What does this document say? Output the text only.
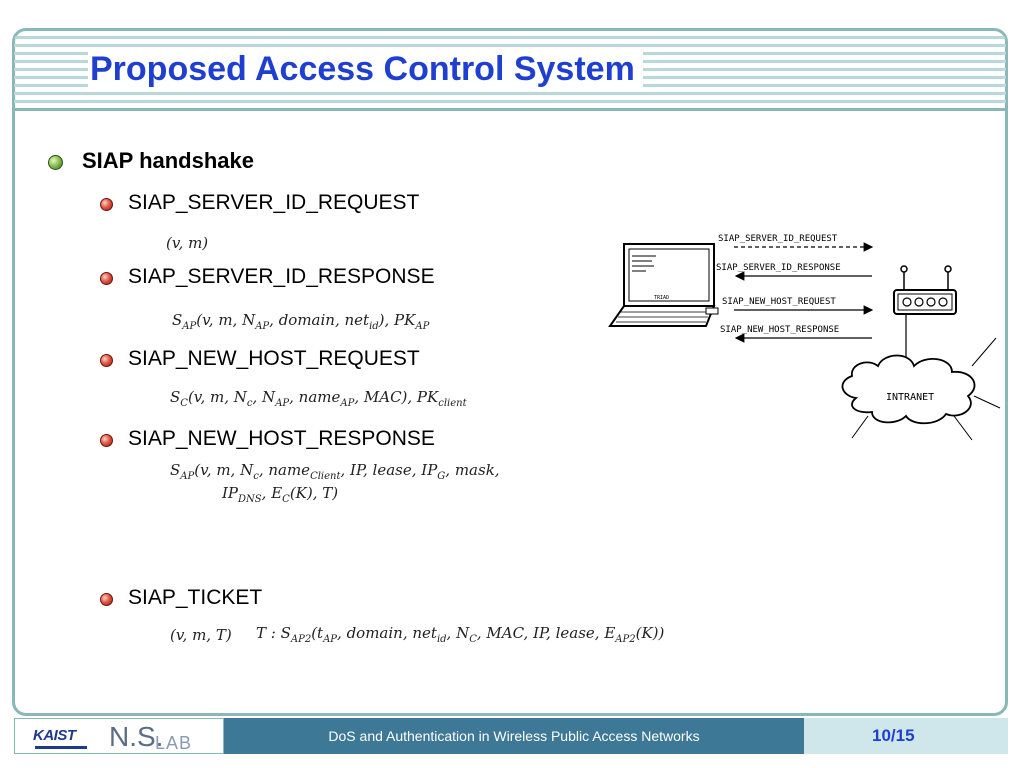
Proposed Access Control System
SIAP handshake
SIAP_SERVER_ID_REQUEST
(v, m)
SIAP_SERVER_ID_RESPONSE
$S_{AP}(v$, m, $N_{AP}$, domain, net$_{id}$), $PK_{AP}$
SIAP_NEW_HOST_REQUEST
$S_C(v$, m, $N_c$, $N_{AP}$, name$_{AP}$, MAC), $PK_{client}$
SIAP_NEW_HOST_RESPONSE
$S_{AP}(v$, m, $N_c$, name$_{Client}$, IP, lease, $IP_G$, mask,
$IP_{DNS}$, $E_C(K)$, T)
SIAP_TICKET
(v, m, T) T : $S_{AP2}(t_{AP}$, domain, net$_{id}$, $N_C$, MAC, IP, lease, $E_{AP2}(K)$)
TRIAD
SIAP_SERVER_ID_REQUEST
SIAP_SERVER_ID_RESPONSE
SIAP_NEW_HOST_REQUEST
SIAP_NEW_HOST_RESPONSE
INTRANET
KAIST N.S.
LAB	DoS and Authentication in Wireless Public Access Networks	10/15
